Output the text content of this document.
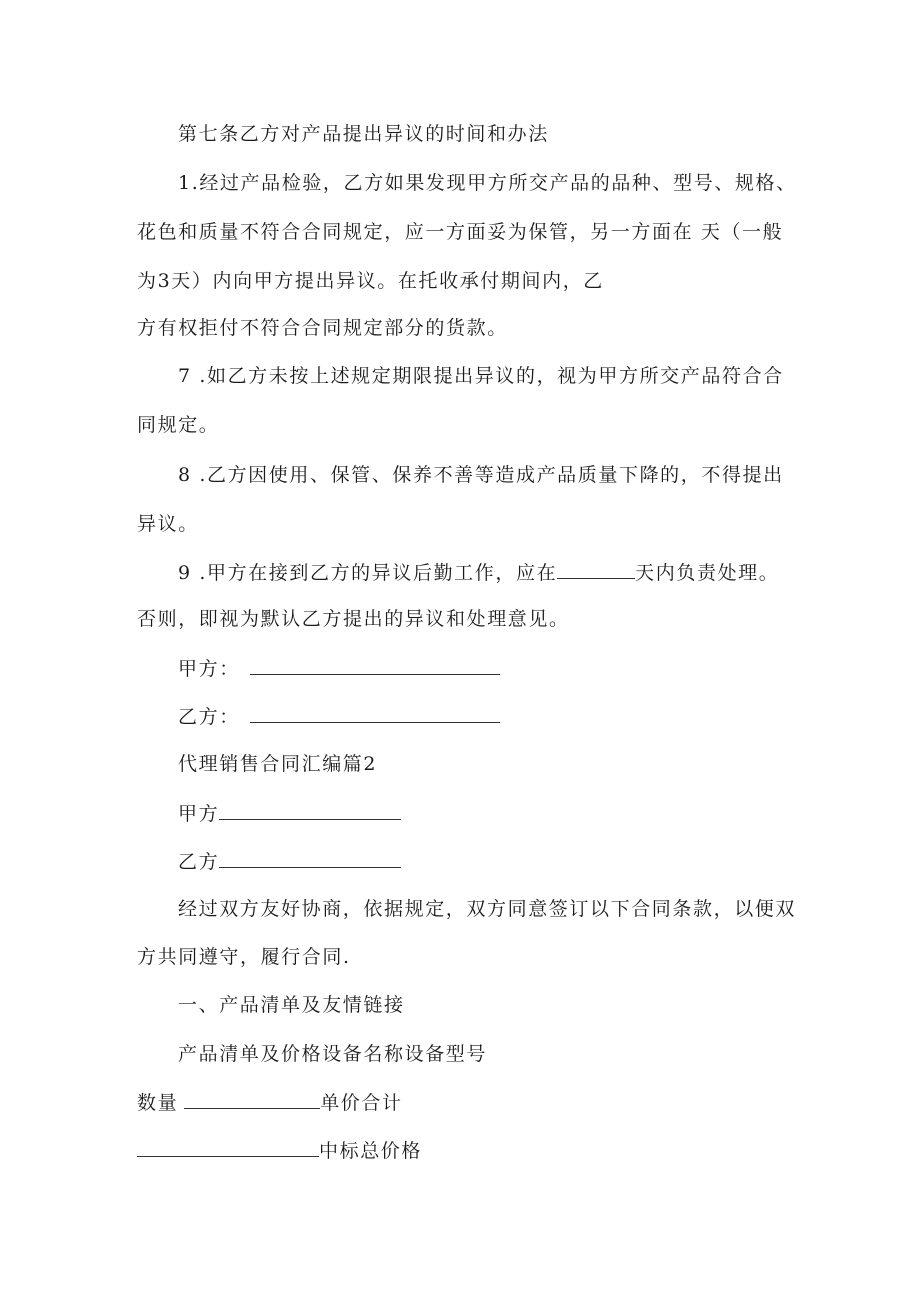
第七条乙方对产品提出异议的时间和办法
1.经过产品检验，乙方如果发现甲方所交产品的品种、型号、规格、
花色和质量不符合合同规定，应一方面妥为保管，另一方面在 天（一般
为3天）内向甲方提出异议。在托收承付期间内，乙
方有权拒付不符合合同规定部分的货款。
7 .如乙方未按上述规定期限提出异议的，视为甲方所交产品符合合
同规定。
8 .乙方因使用、保管、保养不善等造成产品质量下降的，不得提出
异议。
9 .甲方在接到乙方的异议后勤工作，应在	天内负责处理。
否则，即视为默认乙方提出的异议和处理意见。
甲方：
乙方：
代理销售合同汇编篇2
甲方
乙方
经过双方友好协商，依据规定，双方同意签订以下合同条款，以便双
方共同遵守，履行合同.
一、产品清单及友情链接
产品清单及价格设备名称设备型号
数量	单价合计
中标总价格
